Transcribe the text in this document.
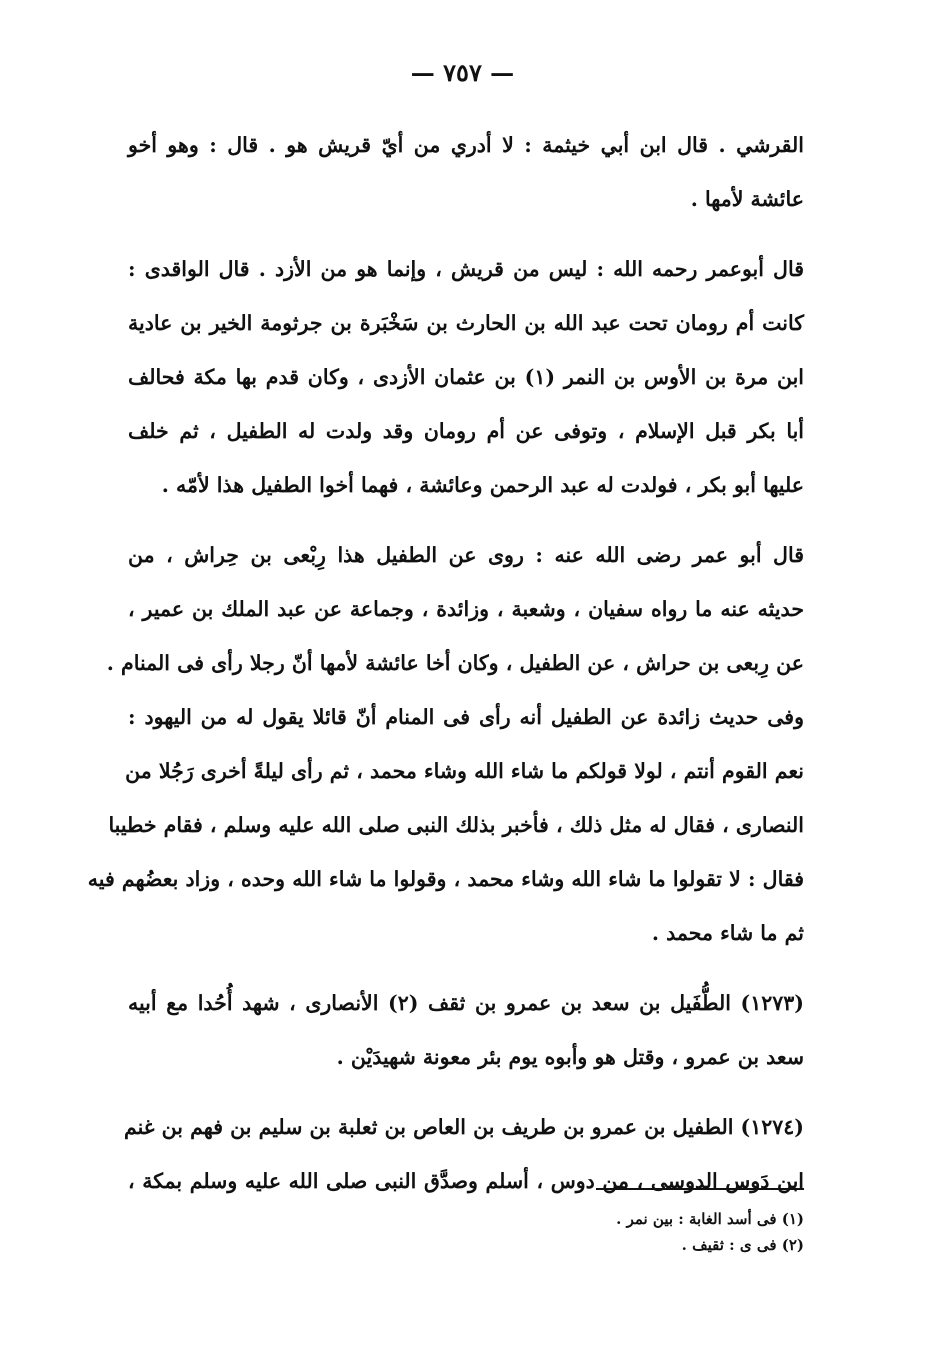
— ٧٥٧ —
القرشي . قال ابن أبي خيثمة : لا أدري من أيّ قريش هو . قال : وهو أخو
عائشة لأمها .
قال أبوعمر رحمه الله : ليس من قريش ، وإنما هو من الأزد . قال الواقدى :
كانت أم رومان تحت عبد الله بن الحارث بن سَخْبَرة بن جرثومة الخير بن عادية
ابن مرة بن الأوس بن النمر (١) بن عثمان الأزدى ، وكان قدم بها مكة فحالف
أبا بكر قبل الإسلام ، وتوفى عن أم رومان وقد ولدت له الطفيل ، ثم خلف
عليها أبو بكر ، فولدت له عبد الرحمن وعائشة ، فهما أخوا الطفيل هذا لأمّه .
قال أبو عمر رضى الله عنه : روى عن الطفيل هذا رِبْعى بن حِراش ، من
حديثه عنه ما رواه سفيان ، وشعبة ، وزائدة ، وجماعة عن عبد الملك بن عمير ،
عن رِبعى بن حراش ، عن الطفيل ، وكان أخا عائشة لأمها أنّ رجلا رأى فى المنام .
وفى حديث زائدة عن الطفيل أنه رأى فى المنام أنّ قائلا يقول له من اليهود :
نعم القوم أنتم ، لولا قولكم ما شاء الله وشاء محمد ، ثم رأى ليلةً أخرى رَجُلا من
النصارى ، فقال له مثل ذلك ، فأخبر بذلك النبى صلى الله عليه وسلم ، فقام خطيبا
فقال : لا تقولوا ما شاء الله وشاء محمد ، وقولوا ما شاء الله وحده ، وزاد بعضُهم فيه
ثم ما شاء محمد .
(١٢٧٣) الطُّفَيل بن سعد بن عمرو بن ثقف (٢) الأنصارى ، شهد أُحُدا مع أبيه
سعد بن عمرو ، وقتل هو وأبوه يوم بئر معونة شهيدَيْن .
(١٢٧٤) الطفيل بن عمرو بن طريف بن العاص بن ثعلبة بن سليم بن فهم بن غنم
ابن دَوس الدوسى ، من دوس ، أسلم وصدَّق النبى صلى الله عليه وسلم بمكة ،
(١) فى أسد الغابة : بين نمر .
(٢) فى ى : ثقيف .
